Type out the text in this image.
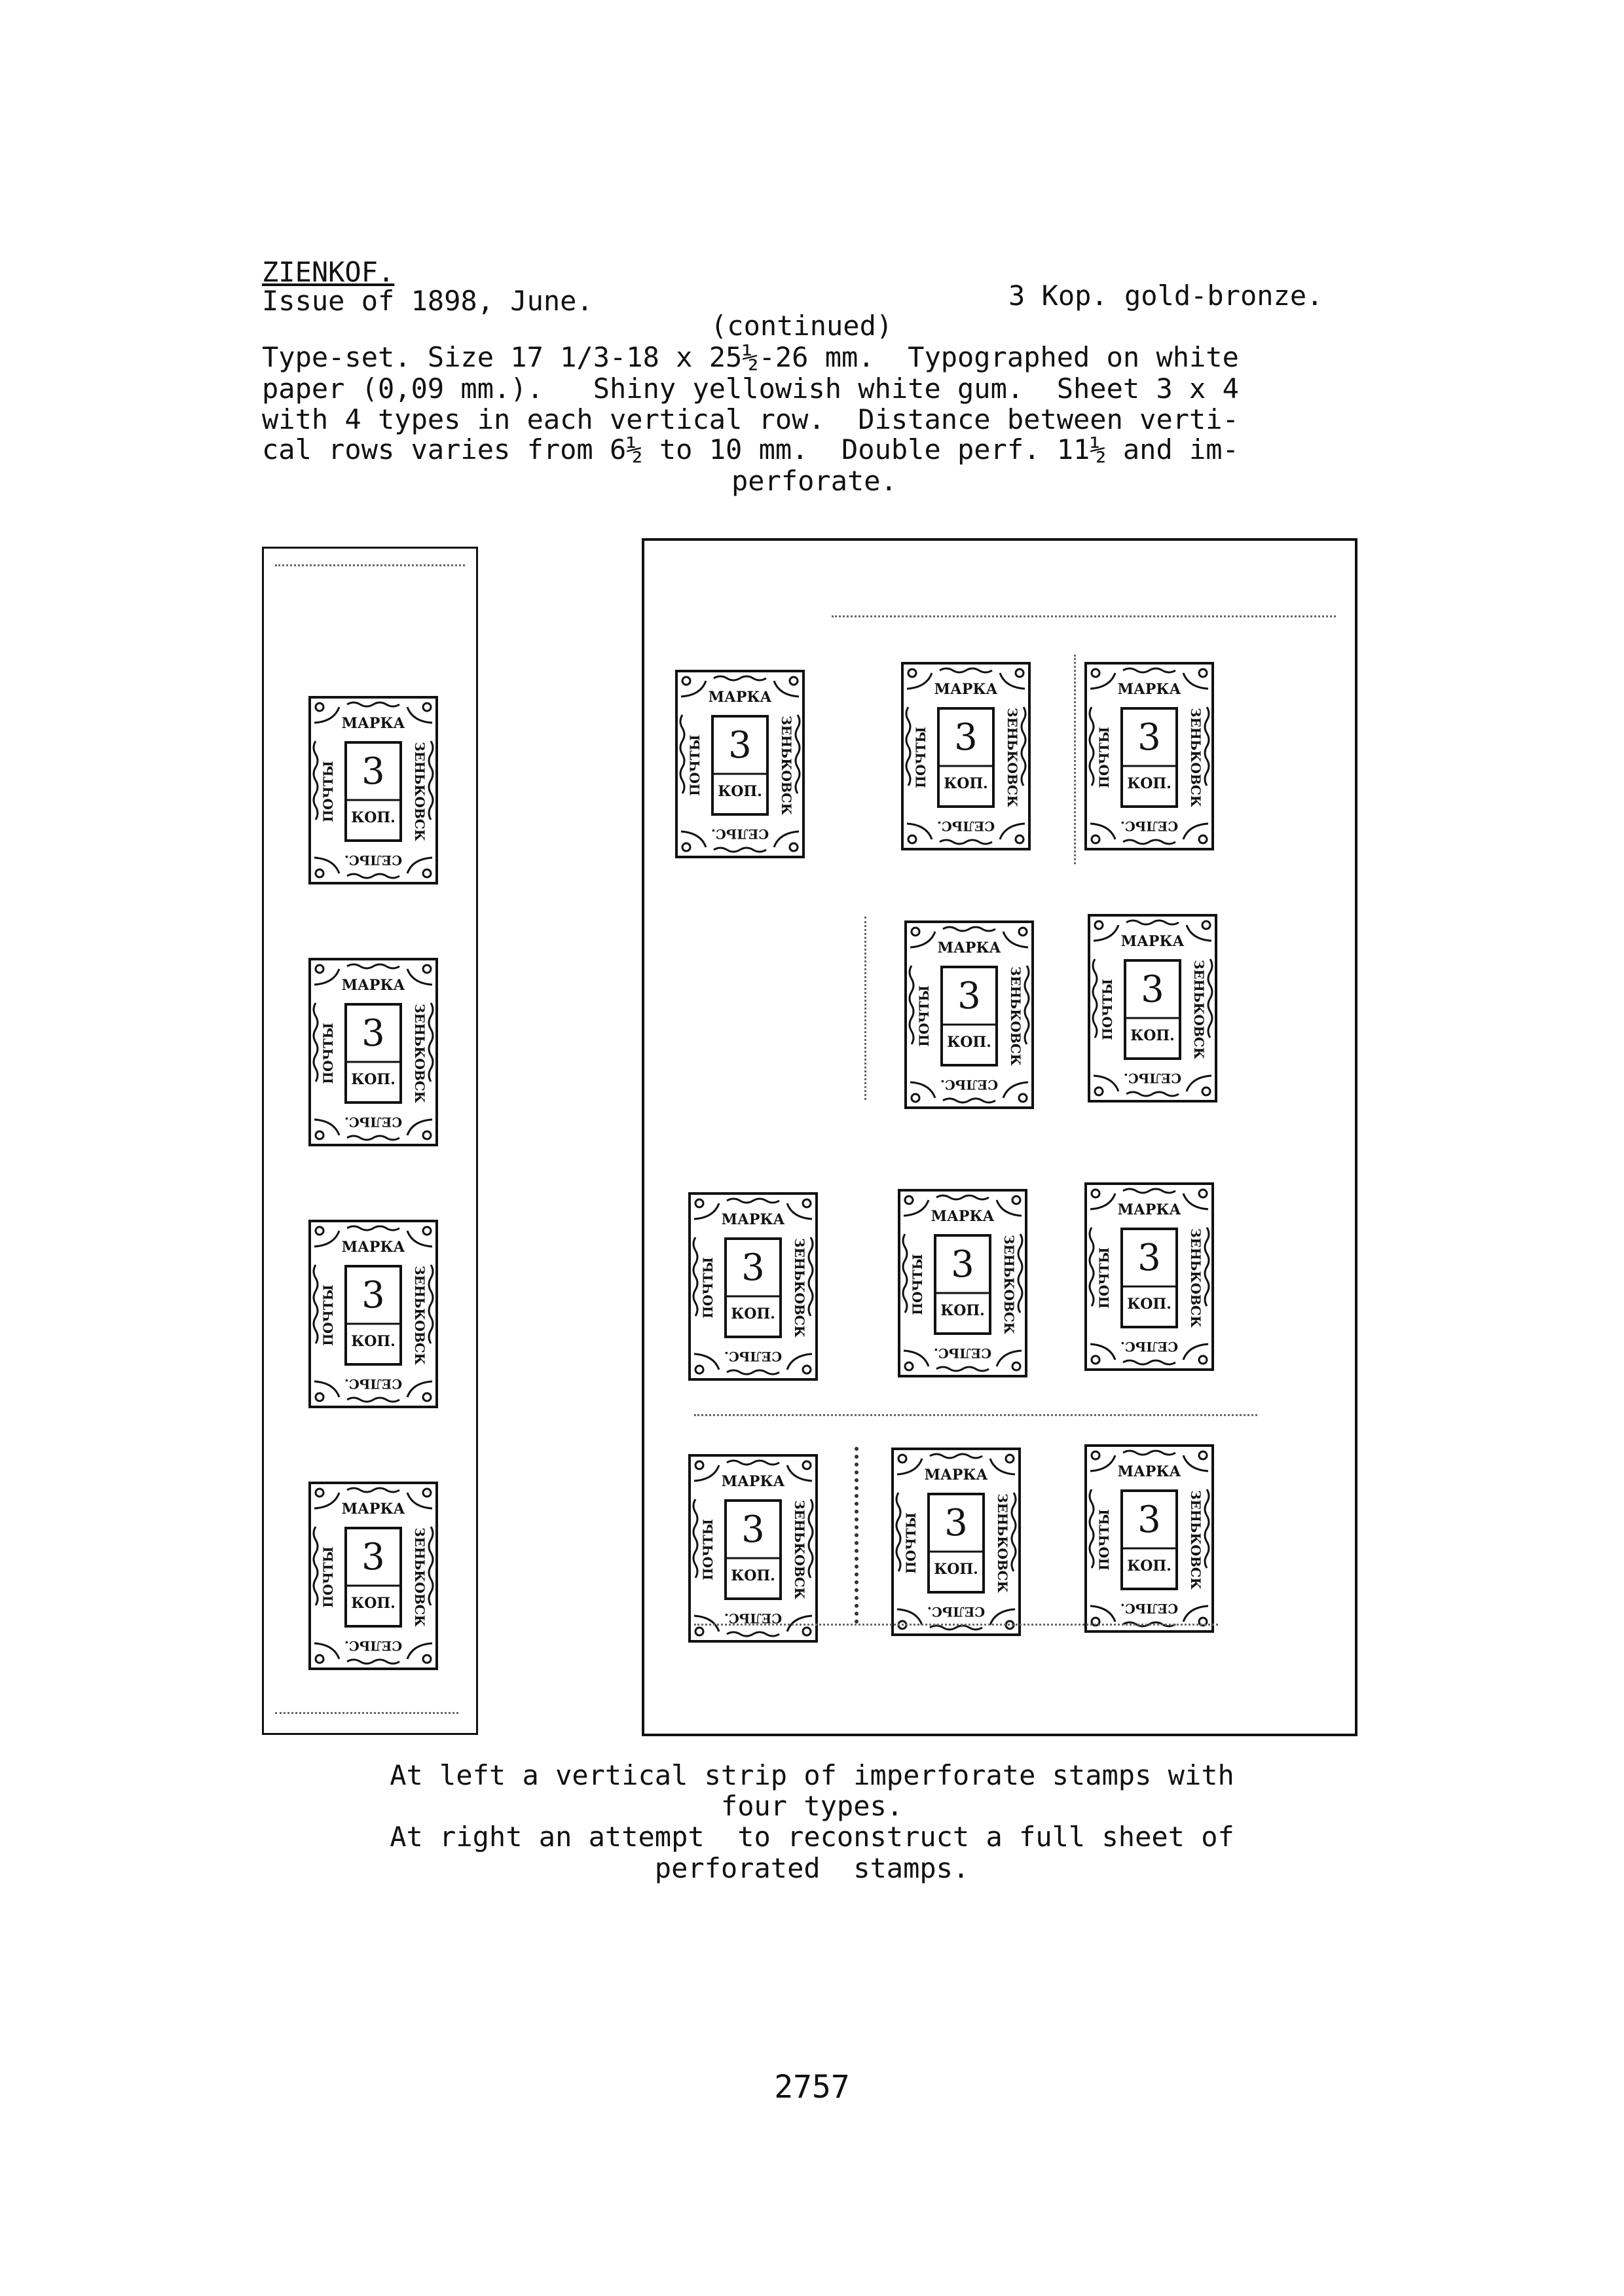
ZIENKOF.
Issue of 1898, June.	3 Kop. gold-bronze.
(continued)
Type-set. Size 17 1/3-18 x 25½-26 mm.  Typographed on white
paper (0,09 mm.).   Shiny yellowish white gum.  Sheet 3 x 4
with 4 types in each vertical row.  Distance between verti-
cal rows varies from 6½ to 10 mm.  Double perf. 11½ and im-
perforate.
МАРКА
3
КОП.
ПОЧТЫ	ЗЕНЬКОВСК
СЕЛЬС.
МАРКА
3
КОП.
ПОЧТЫ	ЗЕНЬКОВСК
СЕЛЬС.
МАРКА
3
КОП.
ПОЧТЫ	ЗЕНЬКОВСК
СЕЛЬС.
МАРКА
3
КОП.
ПОЧТЫ	ЗЕНЬКОВСК
СЕЛЬС.
МАРКА
3
КОП.
ПОЧТЫ	ЗЕНЬКОВСК
СЕЛЬС.
МАРКА
3
КОП.
ПОЧТЫ	ЗЕНЬКОВСК
СЕЛЬС.
МАРКА
3
КОП.
ПОЧТЫ	ЗЕНЬКОВСК
СЕЛЬС.
МАРКА
3
КОП.
ПОЧТЫ	ЗЕНЬКОВСК
СЕЛЬС.
МАРКА
3
КОП.
ПОЧТЫ	ЗЕНЬКОВСК
СЕЛЬС.
МАРКА
3
КОП.
ПОЧТЫ	ЗЕНЬКОВСК
СЕЛЬС.
МАРКА
3
КОП.
ПОЧТЫ	ЗЕНЬКОВСК
СЕЛЬС.
МАРКА
3
КОП.
ПОЧТЫ	ЗЕНЬКОВСК
СЕЛЬС.
МАРКА
3
КОП.
ПОЧТЫ	ЗЕНЬКОВСК
СЕЛЬС.
МАРКА
3
КОП.
ПОЧТЫ	ЗЕНЬКОВСК
СЕЛЬС.
МАРКА
3
КОП.
ПОЧТЫ	ЗЕНЬКОВСК
СЕЛЬС.
At left a vertical strip of imperforate stamps with
four types.
At right an attempt  to reconstruct a full sheet of
perforated  stamps.
2757
